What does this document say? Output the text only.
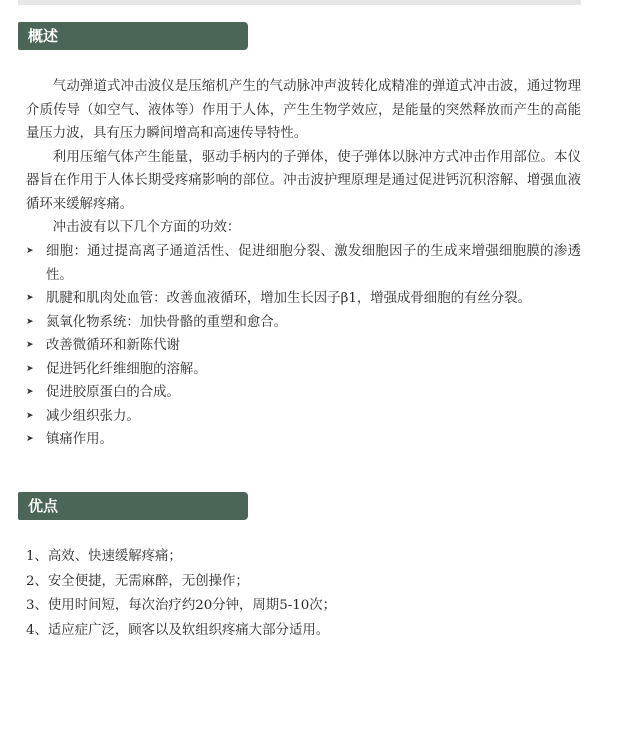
概述

气动弹道式冲击波仪是压缩机产生的气动脉冲声波转化成精准的弹道式冲击波，通过物理介质传导（如空气、液体等）作用于人体，产生生物学效应，是能量的突然释放而产生的高能量压力波，具有压力瞬间增高和高速传导特性。

利用压缩气体产生能量，驱动手柄内的子弹体，使子弹体以脉冲方式冲击作用部位。本仪器旨在作用于人体长期受疼痛影响的部位。冲击波护理原理是通过促进钙沉积溶解、增强血液循环来缓解疼痛。

冲击波有以下几个方面的功效：

➤ 细胞：通过提高离子通道活性、促进细胞分裂、激发细胞因子的生成来增强细胞膜的渗透性。
➤ 肌腱和肌肉处血管：改善血液循环，增加生长因子β1，增强成骨细胞的有丝分裂。
➤ 氮氧化物系统：加快骨骼的重塑和愈合。
➤ 改善微循环和新陈代谢
➤ 促进钙化纤维细胞的溶解。
➤ 促进胶原蛋白的合成。
➤ 减少组织张力。
➤ 镇痛作用。
优点
1、高效、快速缓解疼痛；
2、安全便捷，无需麻醉，无创操作；
3、使用时间短，每次治疗约20分钟，周期5-10次；
4、适应症广泛，顾客以及软组织疼痛大部分适用。
